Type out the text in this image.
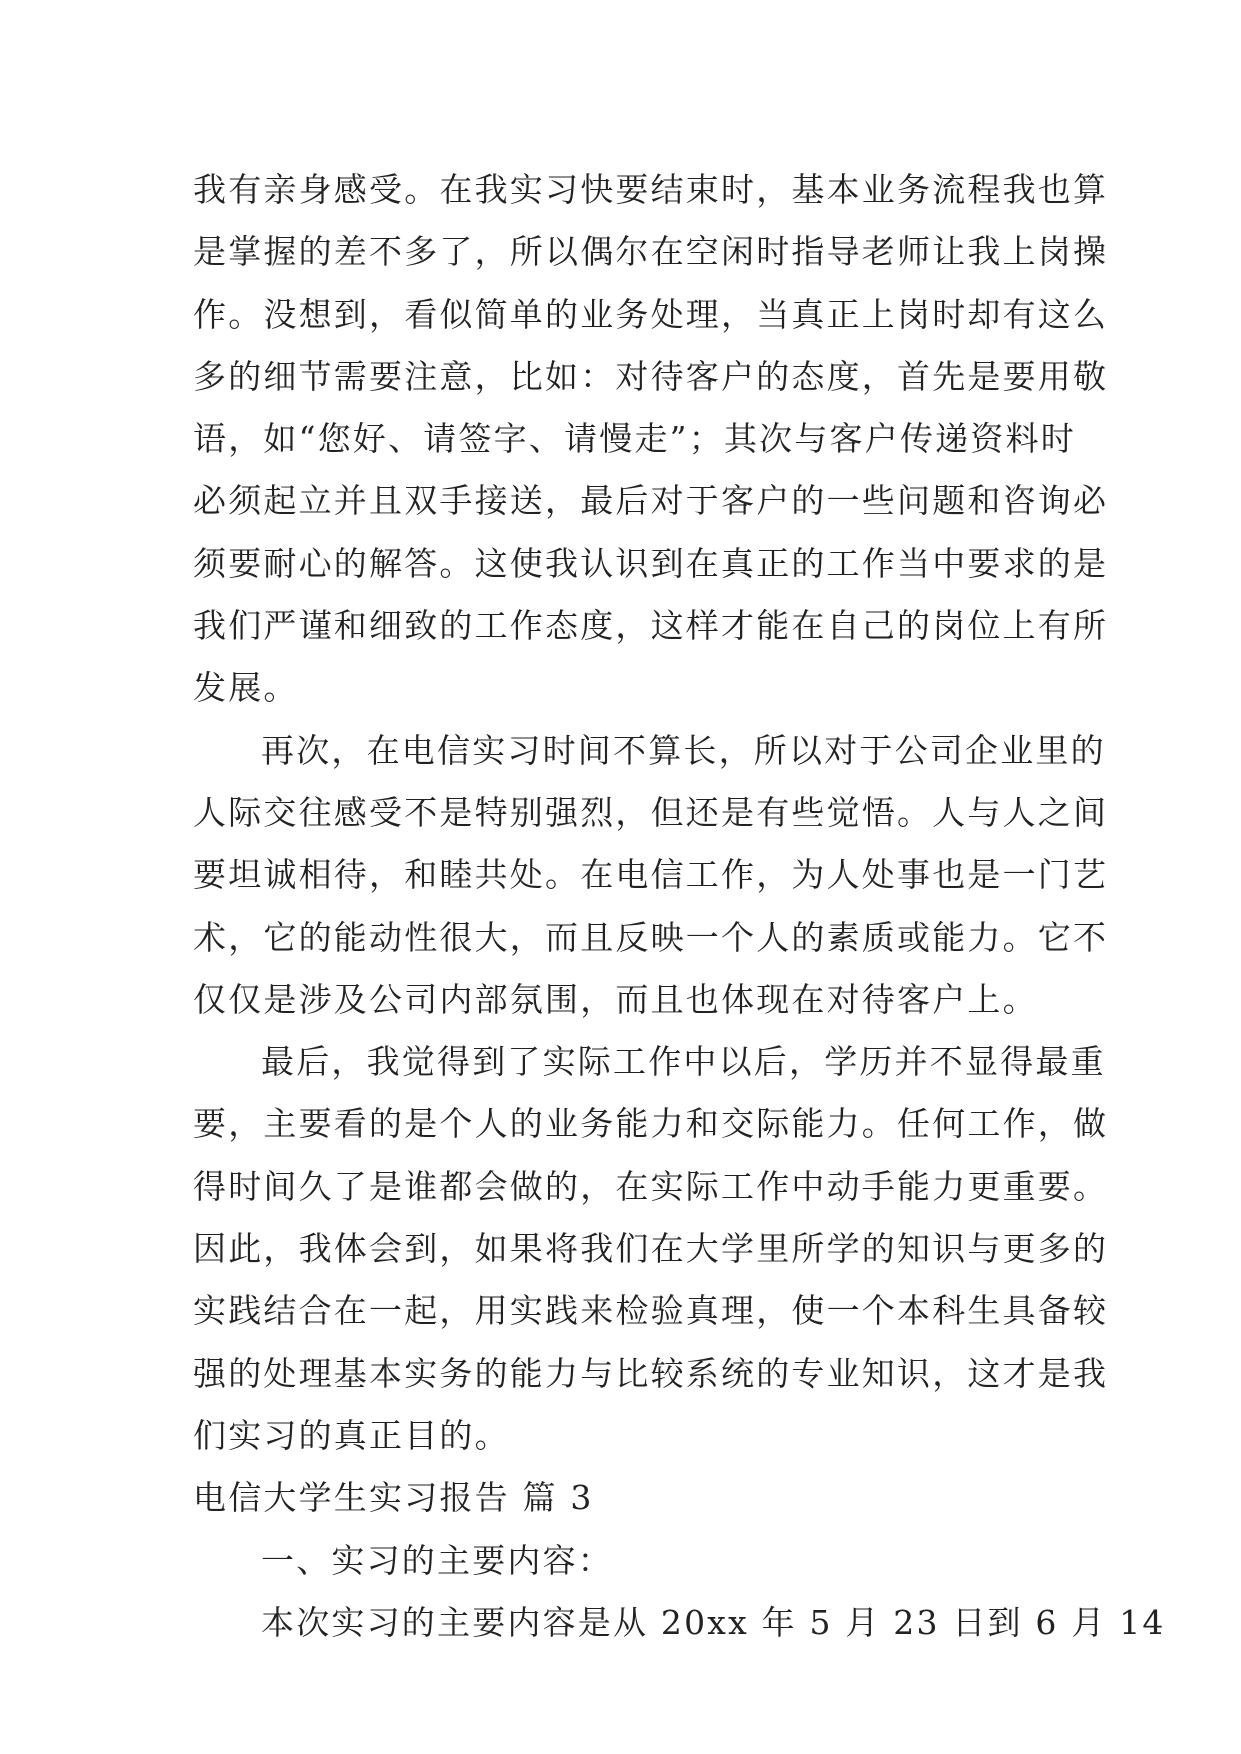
我有亲身感受。在我实习快要结束时，基本业务流程我也算
是掌握的差不多了，所以偶尔在空闲时指导老师让我上岗操
作。没想到，看似简单的业务处理，当真正上岗时却有这么
多的细节需要注意，比如：对待客户的态度，首先是要用敬
语，如“您好、请签字、请慢走”；其次与客户传递资料时
必须起立并且双手接送，最后对于客户的一些问题和咨询必
须要耐心的解答。这使我认识到在真正的工作当中要求的是
我们严谨和细致的工作态度，这样才能在自己的岗位上有所
发展。
再次，在电信实习时间不算长，所以对于公司企业里的
人际交往感受不是特别强烈，但还是有些觉悟。人与人之间
要坦诚相待，和睦共处。在电信工作，为人处事也是一门艺
术，它的能动性很大，而且反映一个人的素质或能力。它不
仅仅是涉及公司内部氛围，而且也体现在对待客户上。
最后，我觉得到了实际工作中以后，学历并不显得最重
要，主要看的是个人的业务能力和交际能力。任何工作，做
得时间久了是谁都会做的，在实际工作中动手能力更重要。
因此，我体会到，如果将我们在大学里所学的知识与更多的
实践结合在一起，用实践来检验真理，使一个本科生具备较
强的处理基本实务的能力与比较系统的专业知识，这才是我
们实习的真正目的。
电信大学生实习报告 篇 3
一、实习的主要内容：
本次实习的主要内容是从 20xx 年 5 月 23 日到 6 月 14
